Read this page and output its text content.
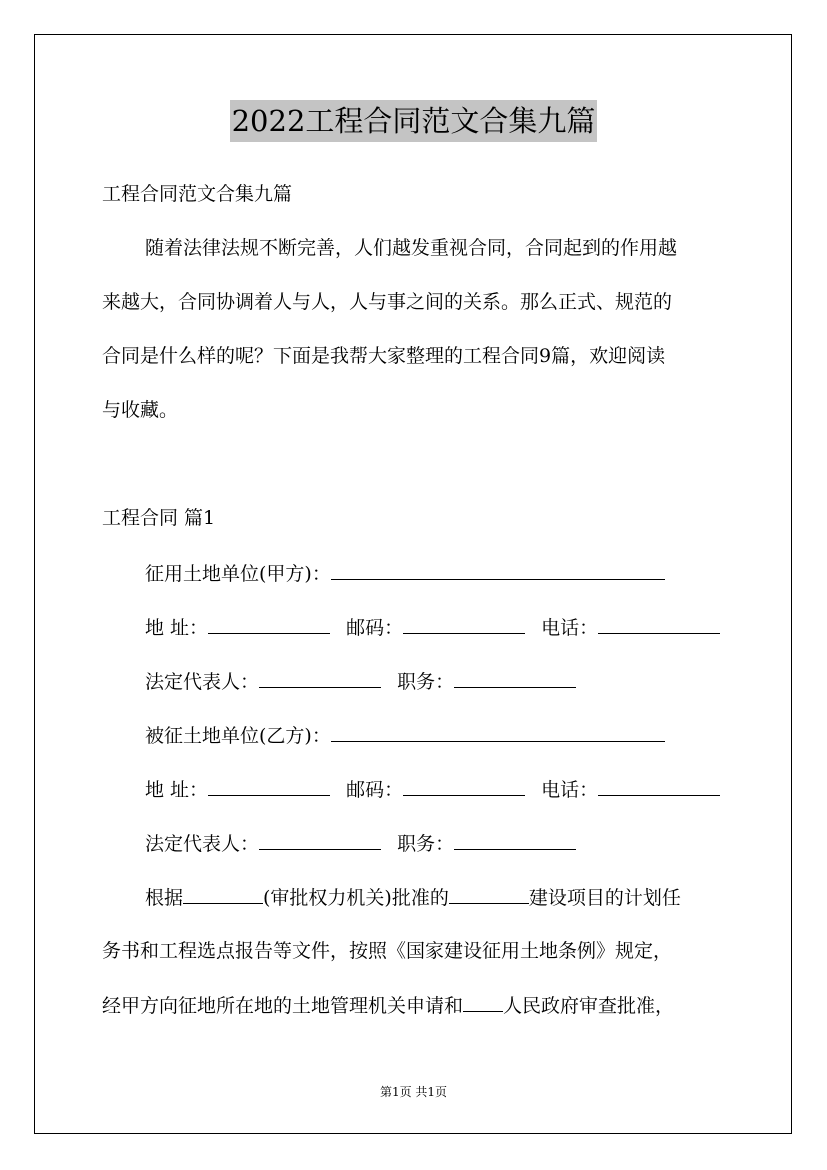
2022工程合同范文合集九篇
工程合同范文合集九篇
随着法律法规不断完善，人们越发重视合同，合同起到的作用越
来越大，合同协调着人与人，人与事之间的关系。那么正式、规范的
合同是什么样的呢？下面是我帮大家整理的工程合同9篇，欢迎阅读
与收藏。
工程合同 篇1
征用土地单位(甲方)：
地 址：	邮码：	电话：
法定代表人：	职务：
被征土地单位(乙方)：
地 址：	邮码：	电话：
法定代表人：	职务：
根据	(审批权力机关)批准的	建设项目的计划任
务书和工程选点报告等文件，按照《国家建设征用土地条例》规定，
经甲方向征地所在地的土地管理机关申请和 人民政府审查批准，
第1页 共1页
